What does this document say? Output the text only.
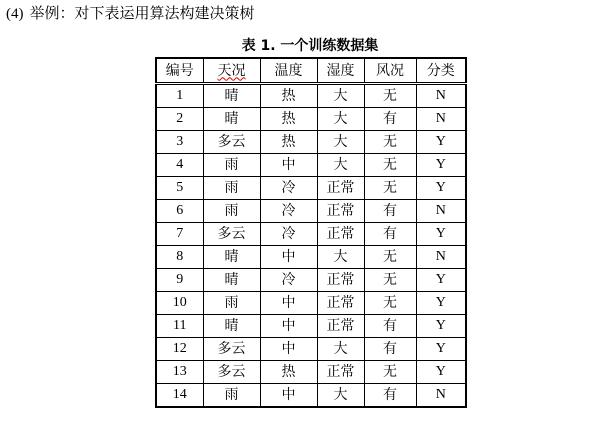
(4) 举例：对下表运用算法构建决策树
表 1. 一个训练数据集
编号	天况	温度	湿度	风况	分类
1	晴	热	大	无	N
2	晴	热	大	有	N
3	多云	热	大	无	Y
4	雨	中	大	无	Y
5	雨	冷	正常	无	Y
6	雨	冷	正常	有	N
7	多云	冷	正常	有	Y
8	晴	中	大	无	N
9	晴	冷	正常	无	Y
10	雨	中	正常	无	Y
11	晴	中	正常	有	Y
12	多云	中	大	有	Y
13	多云	热	正常	无	Y
14	雨	中	大	有	N
